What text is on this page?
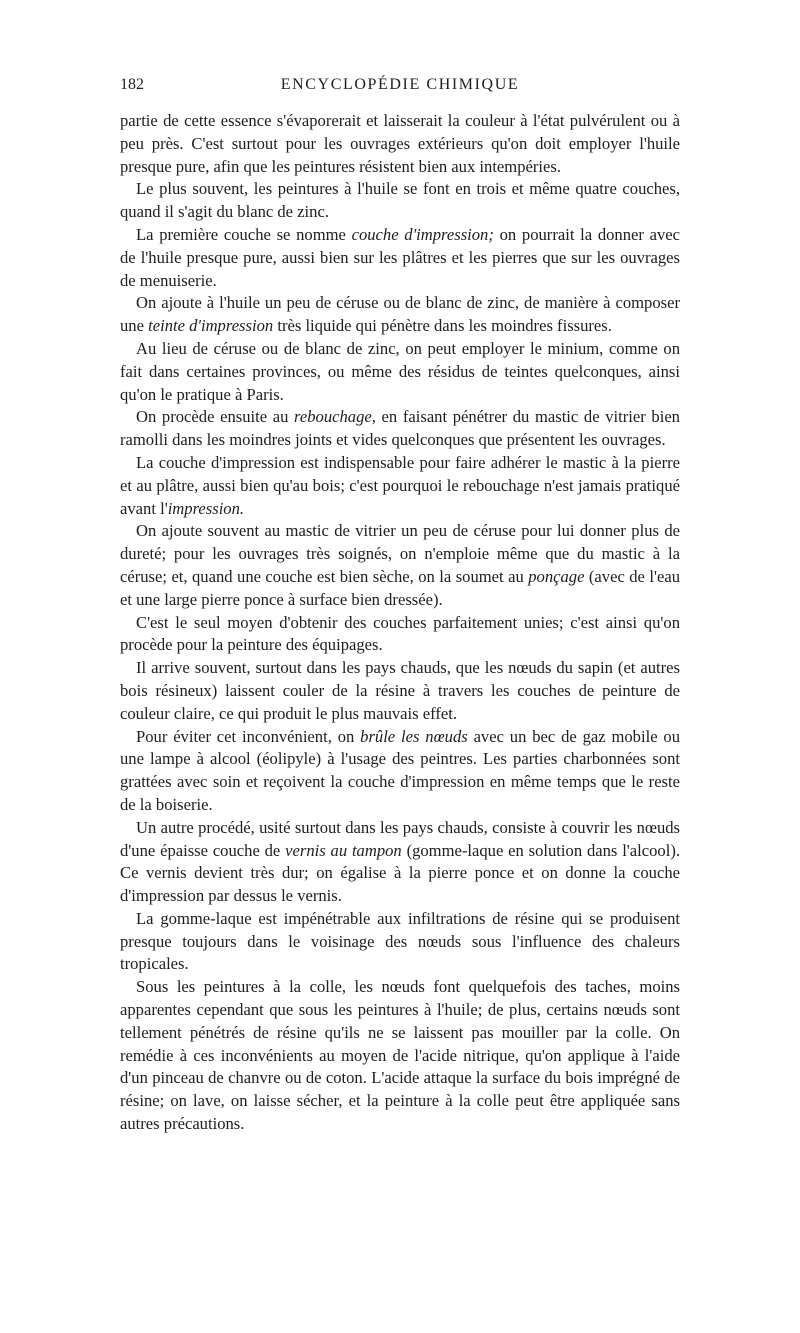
182	ENCYCLOPÉDIE CHIMIQUE

partie de cette essence s'évaporerait et laisserait la couleur à l'état pulvérulent ou à peu près. C'est surtout pour les ouvrages extérieurs qu'on doit employer l'huile presque pure, afin que les peintures résistent bien aux intempéries.

Le plus souvent, les peintures à l'huile se font en trois et même quatre couches, quand il s'agit du blanc de zinc.

La première couche se nomme couche d'impression; on pourrait la donner avec de l'huile presque pure, aussi bien sur les plâtres et les pierres que sur les ouvrages de menuiserie.

On ajoute à l'huile un peu de céruse ou de blanc de zinc, de manière à composer une teinte d'impression très liquide qui pénètre dans les moindres fissures.

Au lieu de céruse ou de blanc de zinc, on peut employer le minium, comme on fait dans certaines provinces, ou même des résidus de teintes quelconques, ainsi qu'on le pratique à Paris.

On procède ensuite au rebouchage, en faisant pénétrer du mastic de vitrier bien ramolli dans les moindres joints et vides quelconques que présentent les ouvrages.

La couche d'impression est indispensable pour faire adhérer le mastic à la pierre et au plâtre, aussi bien qu'au bois; c'est pourquoi le rebouchage n'est jamais pratiqué avant l'impression.

On ajoute souvent au mastic de vitrier un peu de céruse pour lui donner plus de dureté; pour les ouvrages très soignés, on n'emploie même que du mastic à la céruse; et, quand une couche est bien sèche, on la soumet au ponçage (avec de l'eau et une large pierre ponce à surface bien dressée).

C'est le seul moyen d'obtenir des couches parfaitement unies; c'est ainsi qu'on procède pour la peinture des équipages.

Il arrive souvent, surtout dans les pays chauds, que les nœuds du sapin (et autres bois résineux) laissent couler de la résine à travers les couches de peinture de couleur claire, ce qui produit le plus mauvais effet.

Pour éviter cet inconvénient, on brûle les nœuds avec un bec de gaz mobile ou une lampe à alcool (éolipyle) à l'usage des peintres. Les parties charbonnées sont grattées avec soin et reçoivent la couche d'impression en même temps que le reste de la boiserie.

Un autre procédé, usité surtout dans les pays chauds, consiste à couvrir les nœuds d'une épaisse couche de vernis au tampon (gomme-laque en solution dans l'alcool). Ce vernis devient très dur; on égalise à la pierre ponce et on donne la couche d'impression par dessus le vernis.

La gomme-laque est impénétrable aux infiltrations de résine qui se produisent presque toujours dans le voisinage des nœuds sous l'influence des chaleurs tropicales.

Sous les peintures à la colle, les nœuds font quelquefois des taches, moins apparentes cependant que sous les peintures à l'huile; de plus, certains nœuds sont tellement pénétrés de résine qu'ils ne se laissent pas mouiller par la colle. On remédie à ces inconvénients au moyen de l'acide nitrique, qu'on applique à l'aide d'un pinceau de chanvre ou de coton. L'acide attaque la surface du bois imprégné de résine; on lave, on laisse sécher, et la peinture à la colle peut être appliquée sans autres précautions.
